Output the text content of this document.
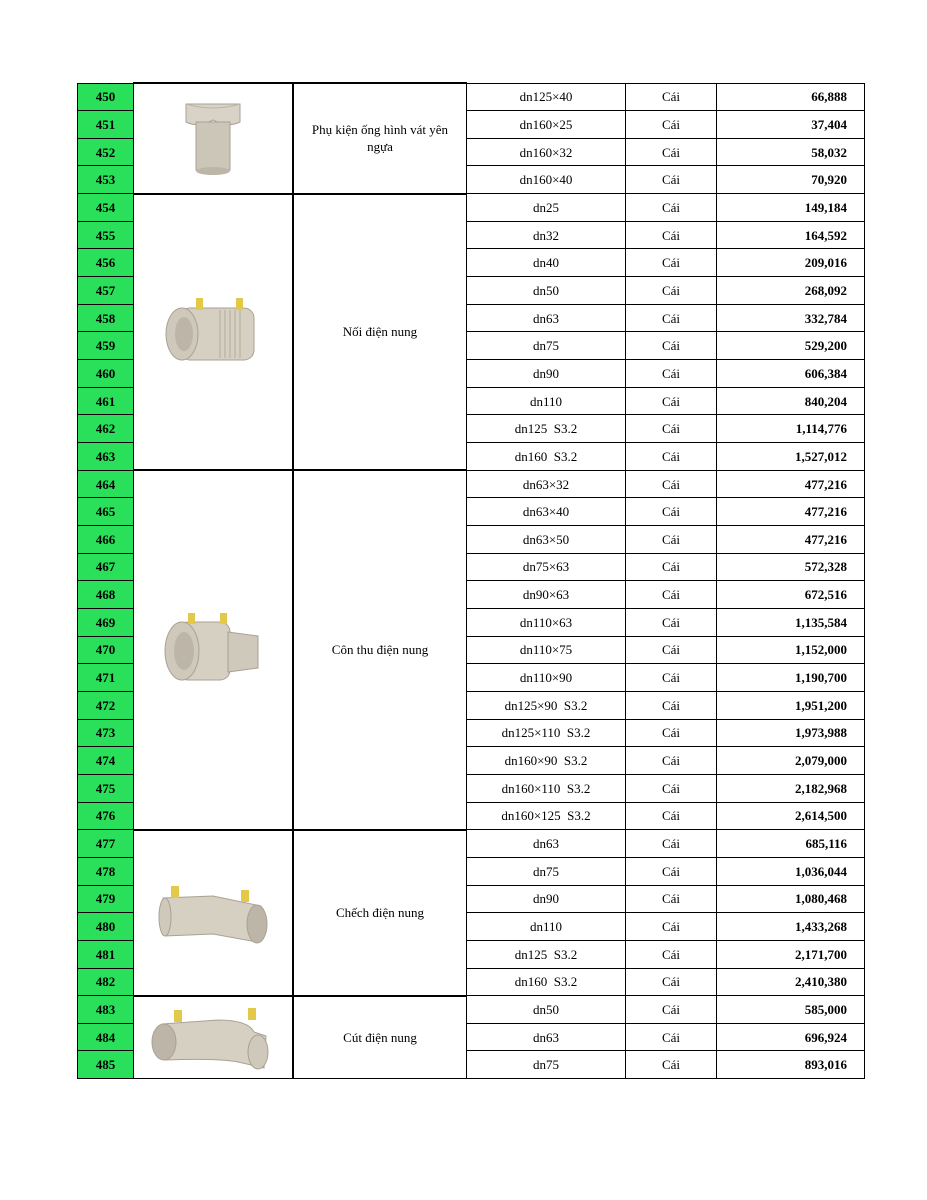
450		Phụ kiện ống hình vát yên ngựa	dn125×40	Cái	66,888
451			dn160×25	Cái	37,404
452			dn160×32	Cái	58,032
453			dn160×40	Cái	70,920
454		Nối điện nung	dn25	Cái	149,184
455			dn32	Cái	164,592
456			dn40	Cái	209,016
457			dn50	Cái	268,092
458			dn63	Cái	332,784
459			dn75	Cái	529,200
460			dn90	Cái	606,384
461			dn110	Cái	840,204
462			dn125  S3.2	Cái	1,114,776
463			dn160  S3.2	Cái	1,527,012
464		Côn thu điện nung	dn63×32	Cái	477,216
465			dn63×40	Cái	477,216
466			dn63×50	Cái	477,216
467			dn75×63	Cái	572,328
468			dn90×63	Cái	672,516
469			dn110×63	Cái	1,135,584
470			dn110×75	Cái	1,152,000
471			dn110×90	Cái	1,190,700
472			dn125×90  S3.2	Cái	1,951,200
473			dn125×110  S3.2	Cái	1,973,988
474			dn160×90  S3.2	Cái	2,079,000
475			dn160×110  S3.2	Cái	2,182,968
476			dn160×125  S3.2	Cái	2,614,500
477		Chếch điện nung	dn63	Cái	685,116
478			dn75	Cái	1,036,044
479			dn90	Cái	1,080,468
480			dn110	Cái	1,433,268
481			dn125  S3.2	Cái	2,171,700
482			dn160  S3.2	Cái	2,410,380
483		Cút điện nung	dn50	Cái	585,000
484			dn63	Cái	696,924
485			dn75	Cái	893,016
